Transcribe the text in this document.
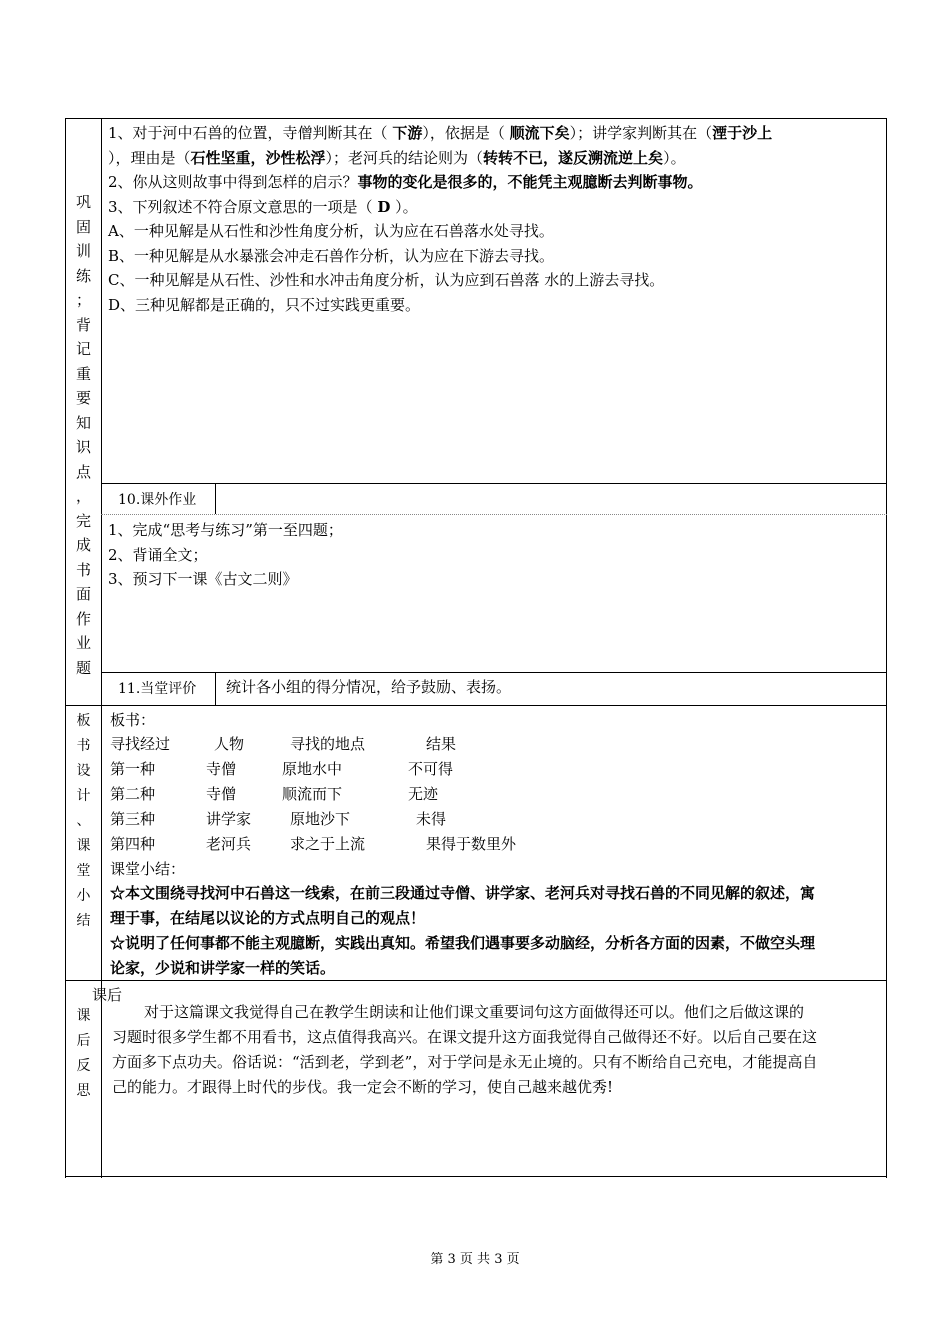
巩
固
训
练
；
背
记
重
要
知
识
点
，
完
成
书
面
作
业
题
1、对于河中石兽的位置，寺僧判断其在（ 下游），依据是（ 顺流下矣）；讲学家判断其在（湮于沙上
），理由是（石性坚重，沙性松浮）；老河兵的结论则为（转转不已，遂反溯流逆上矣）。
2、你从这则故事中得到怎样的启示？事物的变化是很多的，不能凭主观臆断去判断事物。
3、下列叙述不符合原文意思的一项是（ D ）。
A、一种见解是从石性和沙性角度分析，认为应在石兽落水处寻找。
B、一种见解是从水暴涨会冲走石兽作分析，认为应在下游去寻找。
C、一种见解是从石性、沙性和水冲击角度分析，认为应到石兽落 水的上游去寻找。
D、三种见解都是正确的，只不过实践更重要。
10.课外作业
1、完成“思考与练习”第一至四题；
2、背诵全文；
3、预习下一课《古文二则》
11.当堂评价 统计各小组的得分情况，给予鼓励、表扬。
板
书
设
计
、
课
堂
小
结
板书：
寻找经过	人物	寻找的地点	结果
第一种	寺僧	原地水中	不可得
第二种	寺僧	顺流而下	无迹
第三种	讲学家	原地沙下	未得
第四种	老河兵	求之于上流	果得于数里外
课堂小结：
☆本文围绕寻找河中石兽这一线索，在前三段通过寺僧、讲学家、老河兵对寻找石兽的不同见解的叙述，寓
理于事，在结尾以议论的方式点明自己的观点！
☆说明了任何事都不能主观臆断，实践出真知。希望我们遇事要多动脑经，分析各方面的因素，不做空头理
论家，少说和讲学家一样的笑话。
课后
课
后
反
思
对于这篇课文我觉得自己在教学生朗读和让他们课文重要词句这方面做得还可以。他们之后做这课的
习题时很多学生都不用看书，这点值得我高兴。在课文提升这方面我觉得自己做得还不好。以后自己要在这
方面多下点功夫。俗话说：“活到老，学到老”，对于学问是永无止境的。只有不断给自己充电，才能提高自
己的能力。才跟得上时代的步伐。我一定会不断的学习，使自己越来越优秀!
第 3 页 共 3 页
